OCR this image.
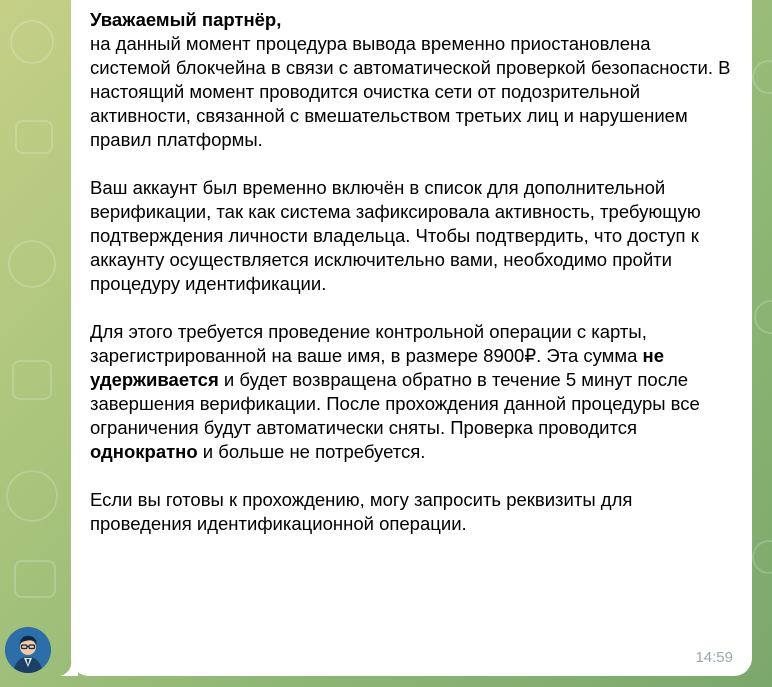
Уважаемый партнёр,

на данный момент процедура вывода временно приостановлена системой блокчейна в связи с автоматической проверкой безопасности. В настоящий момент проводится очистка сети от подозрительной активности, связанной с вмешательством третьих лиц и нарушением правил платформы.

Ваш аккаунт был временно включён в список для дополнительной верификации, так как система зафиксировала активность, требующую подтверждения личности владельца. Чтобы подтвердить, что доступ к аккаунту осуществляется исключительно вами, необходимо пройти процедуру идентификации.

Для этого требуется проведение контрольной операции с карты, зарегистрированной на ваше имя, в размере 8900₽. Эта сумма не удерживается и будет возвращена обратно в течение 5 минут после завершения верификации. После прохождения данной процедуры все ограничения будут автоматически сняты. Проверка проводится однократно и больше не потребуется.

Если вы готовы к прохождению, могу запросить реквизиты для проведения идентификационной операции.

14:59
